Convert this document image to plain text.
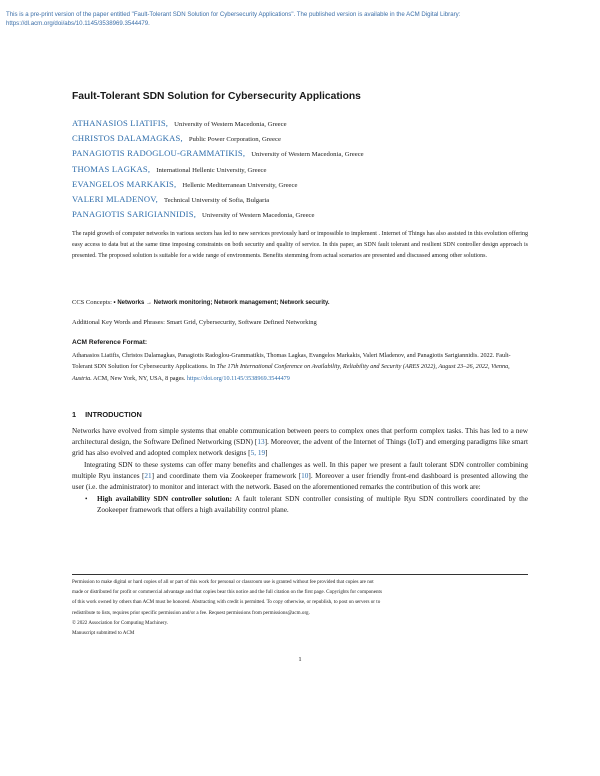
This is a pre-print version of the paper entitled "Fault-Tolerant SDN Solution for Cybersecurity Applications". The published version is available in the ACM Digital Library: https://dl.acm.org/doi/abs/10.1145/3538969.3544479.
Fault-Tolerant SDN Solution for Cybersecurity Applications
ATHANASIOS LIATIFIS, University of Western Macedonia, Greece
CHRISTOS DALAMAGKAS, Public Power Corporation, Greece
PANAGIOTIS RADOGLOU-GRAMMATIKIS, University of Western Macedonia, Greece
THOMAS LAGKAS, International Hellenic University, Greece
EVANGELOS MARKAKIS, Hellenic Mediterranean University, Greece
VALERI MLADENOV, Technical University of Sofia, Bulgaria
PANAGIOTIS SARIGIANNIDIS, University of Western Macedonia, Greece
The rapid growth of computer networks in various sectors has led to new services previously hard or impossible to implement . Internet of Things has also assisted in this evolution offering easy access to data but at the same time imposing constraints on both security and quality of service. In this paper, an SDN fault tolerant and resilient SDN controller design approach is presented. The proposed solution is suitable for a wide range of environments. Benefits stemming from actual scenarios are presented and discussed among other solutions.
CCS Concepts: • Networks → Network monitoring; Network management; Network security.
Additional Key Words and Phrases: Smart Grid, Cybersecurity, Software Defined Networking
ACM Reference Format:
Athanasios Liatifis, Christos Dalamagkas, Panagiotis Radoglou-Grammatikis, Thomas Lagkas, Evangelos Markakis, Valeri Mladenov, and Panagiotis Sarigiannidis. 2022. Fault-Tolerant SDN Solution for Cybersecurity Applications. In The 17th International Conference on Availability, Reliability and Security (ARES 2022), August 23–26, 2022, Vienna, Austria. ACM, New York, NY, USA, 8 pages. https://doi.org/10.1145/3538969.3544479
1 INTRODUCTION

Networks have evolved from simple systems that enable communication between peers to complex ones that perform complex tasks. This has led to a new architectural design, the Software Defined Networking (SDN) [13]. Moreover, the advent of the Internet of Things (IoT) and emerging paradigms like smart grid has also evolved and adopted complex network designs [5, 19]

Integrating SDN to these systems can offer many benefits and challenges as well. In this paper we present a fault tolerant SDN controller combining multiple Ryu instances [21] and coordinate them via Zookeeper framework [10]. Moreover a user friendly front-end dashboard is presented allowing the user (i.e. the administrator) to monitor and interact with the network. Based on the aforementioned remarks the contribution of this work are:

• High availability SDN controller solution: A fault tolerant SDN controller consisting of multiple Ryu SDN controllers coordinated by the Zookeeper framework that offers a high availability control plane.
Permission to make digital or hard copies of all or part of this work for personal or classroom use is granted without fee provided that copies are not
made or distributed for profit or commercial advantage and that copies bear this notice and the full citation on the first page. Copyrights for components
of this work owned by others than ACM must be honored. Abstracting with credit is permitted. To copy otherwise, or republish, to post on servers or to
redistribute to lists, requires prior specific permission and/or a fee. Request permissions from permissions@acm.org.
© 2022 Association for Computing Machinery.
Manuscript submitted to ACM
1
